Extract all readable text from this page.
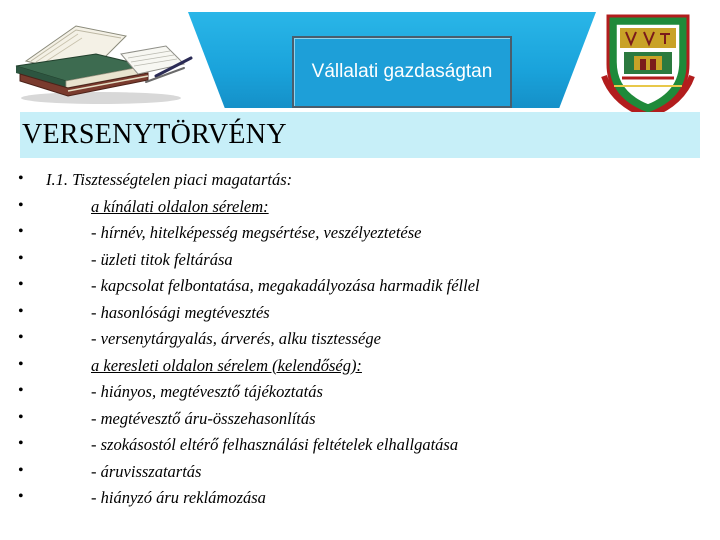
Vállalati gazdaságtan
VERSENYTÖRVÉNY
• I.1. Tisztességtelen piaci magatartás:
•	a kínálati oldalon sérelem:
•	- hírnév, hitelképesség megsértése, veszélyeztetése
•	- üzleti titok feltárása
•	- kapcsolat felbontatása, megakadályozása harmadik féllel
•	- hasonlósági megtévesztés
•	- versenytárgyalás, árverés, alku tisztessége
•	a keresleti oldalon sérelem (kelendőség):
•	- hiányos, megtévesztő tájékoztatás
•	- megtévesztő áru-összehasonlítás
•	- szokásostól eltérő felhasználási feltételek elhallgatása
•	- áruvisszatartás
•	- hiányzó áru reklámozása
